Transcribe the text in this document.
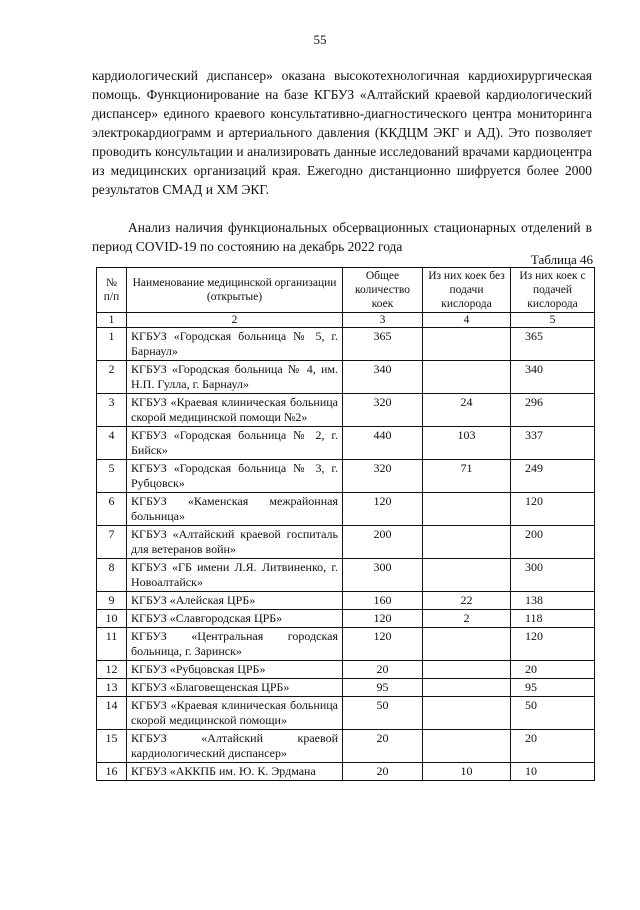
55
кардиологический диспансер» оказана высокотехнологичная кардиохирургическая помощь. Функционирование на базе КГБУЗ «Алтайский краевой кардиологический диспансер» единого краевого консультативно-диагностического центра мониторинга электрокардиограмм и артериального давления (ККДЦМ ЭКГ и АД). Это позволяет проводить консультации и анализировать данные исследований врачами кардиоцентра из медицинских организаций края. Ежегодно дистанционно шифруется более 2000 результатов СМАД и ХМ ЭКГ.
Анализ наличия функциональных обсервационных стационарных отделений в период COVID-19 по состоянию на декабрь 2022 года
Таблица 46
№ п/п	Наименование медицинской организации (открытые)	Общее количество коек	Из них коек без подачи кислорода	Из них коек с подачей кислорода
1	2	3	4	5
1	КГБУЗ «Городская больница № 5, г. Барнаул»	365		365
2	КГБУЗ «Городская больница № 4, им. Н.П. Гулла, г. Барнаул»	340		340
3	КГБУЗ «Краевая клиническая больница скорой медицинской помощи №2»	320	24	296
4	КГБУЗ «Городская больница № 2, г. Бийск»	440	103	337
5	КГБУЗ «Городская больница № 3, г. Рубцовск»	320	71	249
6	КГБУЗ «Каменская межрайонная больница»	120		120
7	КГБУЗ «Алтайский краевой госпиталь для ветеранов войн»	200		200
8	КГБУЗ «ГБ имени Л.Я. Литвиненко, г. Новоалтайск»	300		300
9	КГБУЗ «Алейская ЦРБ»	160	22	138
10	КГБУЗ «Славгородская ЦРБ»	120	2	118
11	КГБУЗ «Центральная городская больница, г. Заринск»	120		120
12	КГБУЗ «Рубцовская ЦРБ»	20		20
13	КГБУЗ «Благовещенская ЦРБ»	95		95
14	КГБУЗ «Краевая клиническая больница скорой медицинской помощи»	50		50
15	КГБУЗ «Алтайский краевой кардиологический диспансер»	20		20
16	КГБУЗ «АККПБ им. Ю. К. Эрдмана	20	10	10
